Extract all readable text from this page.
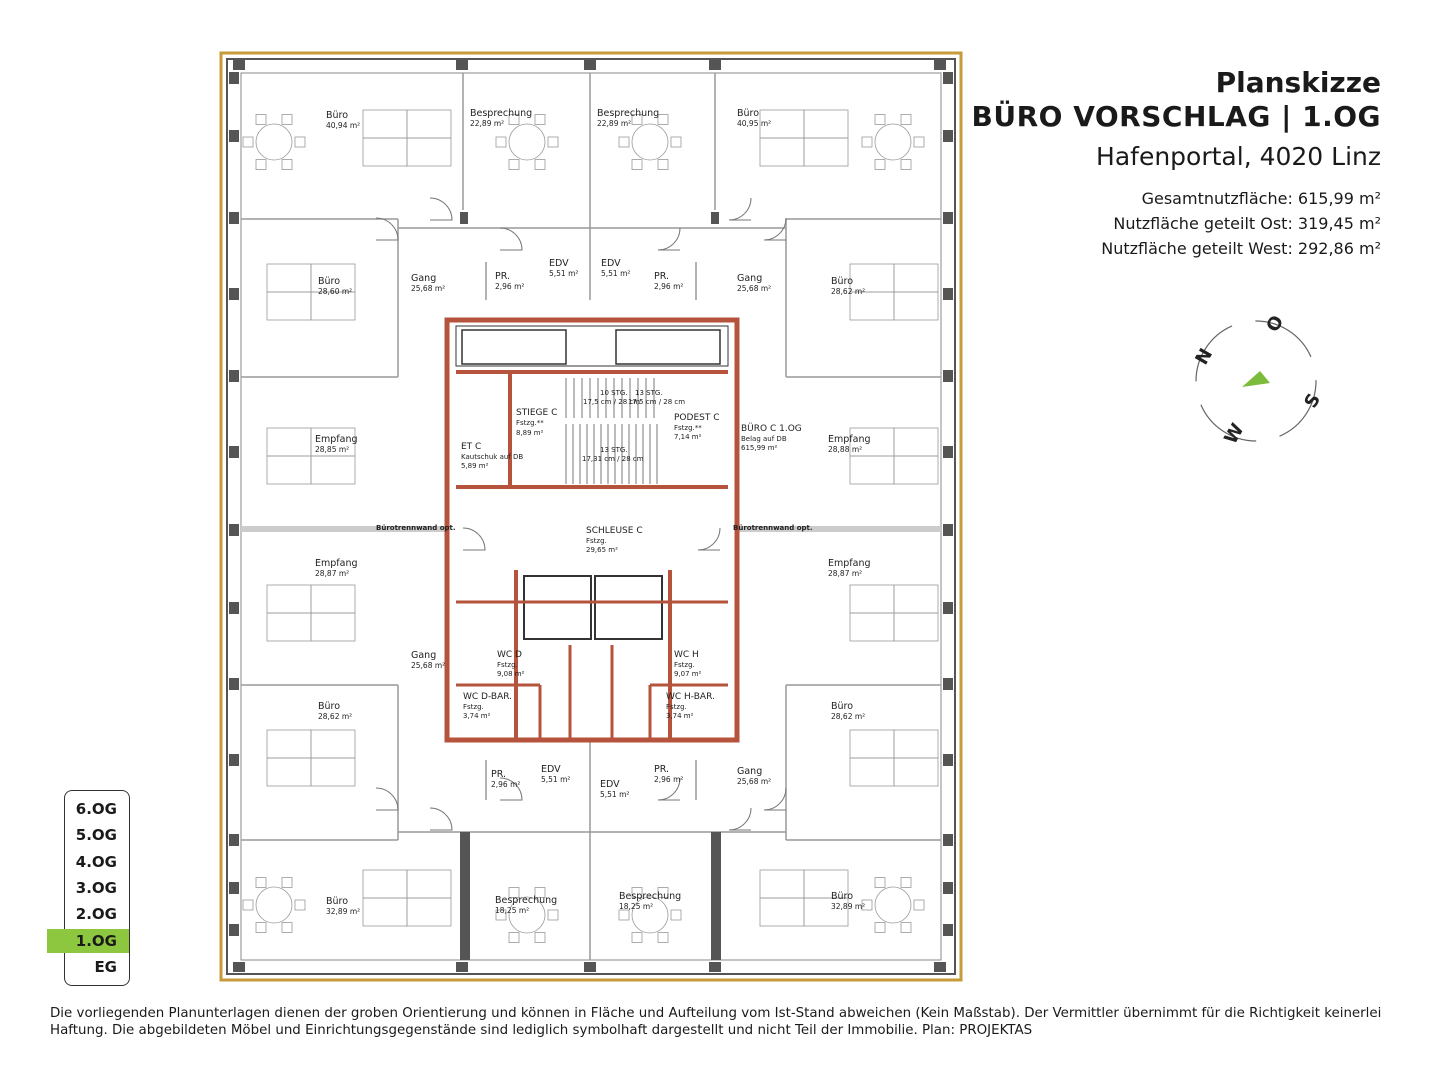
Büro
40,94 m²
Besprechung
22,89 m²
Besprechung
22,89 m²
Büro
40,95 m²
Büro
28,60 m²
Gang
25,68 m²
PR.
2,96 m²
EDV
5,51 m²
EDV
5,51 m² PR.
2,96 m²
Gang
25,68 m²
Büro
28,62 m²
Empfang
28,85 m²
Empfang
28,88 m²
Empfang
28,87 m²
Empfang
28,87 m²
Gang
25,68 m²
Büro
28,62 m²
Büro
28,62 m²
PR.
2,96 m²
EDV
5,51 m²	EDV
5,51 m²
PR.
2,96 m²
Gang
25,68 m²
Büro
32,89 m²
Besprechung
18,25 m²
Besprechung
18,25 m²
Büro
32,89 m²
STIEGE C
Fstzg.**
8,89 m²
PODEST C
Fstzg.**
7,14 m²
ET C
Kautschuk auf DB
5,89 m²
BÜRO C 1.OG
Belag auf DB
615,99 m²
SCHLEUSE C
Fstzg.
29,65 m²
WC D
Fstzg.
9,08 m²
WC H
Fstzg.
9,07 m²
WC D-BAR.
Fstzg.
3,74 m²
WC H-BAR.
Fstzg.
3,74 m²
10 STG.
17,5 cm / 28 cm
13 STG.
17,5 cm / 28 cm
13 STG.
17,31 cm / 28 cm
Bürotrennwand opt.	Bürotrennwand opt.
N
O
S
W
Planskizze
BÜRO VORSCHLAG | 1.OG
Hafenportal, 4020 Linz
Gesamtnutzfläche: 615,99 m²
Nutzfläche geteilt Ost: 319,45 m²
Nutzfläche geteilt West: 292,86 m²
6.OG
5.OG
4.OG
3.OG
2.OG
1.OG
EG
Die vorliegenden Planunterlagen dienen der groben Orientierung und können in Fläche und Aufteilung vom Ist-Stand abweichen (Kein Maßstab). Der Vermittler übernimmt für die Richtigkeit keinerlei Haftung. Die abgebildeten Möbel und Einrichtungsgegenstände sind lediglich symbolhaft dargestellt und nicht Teil der Immobilie. Plan: PROJEKTAS
